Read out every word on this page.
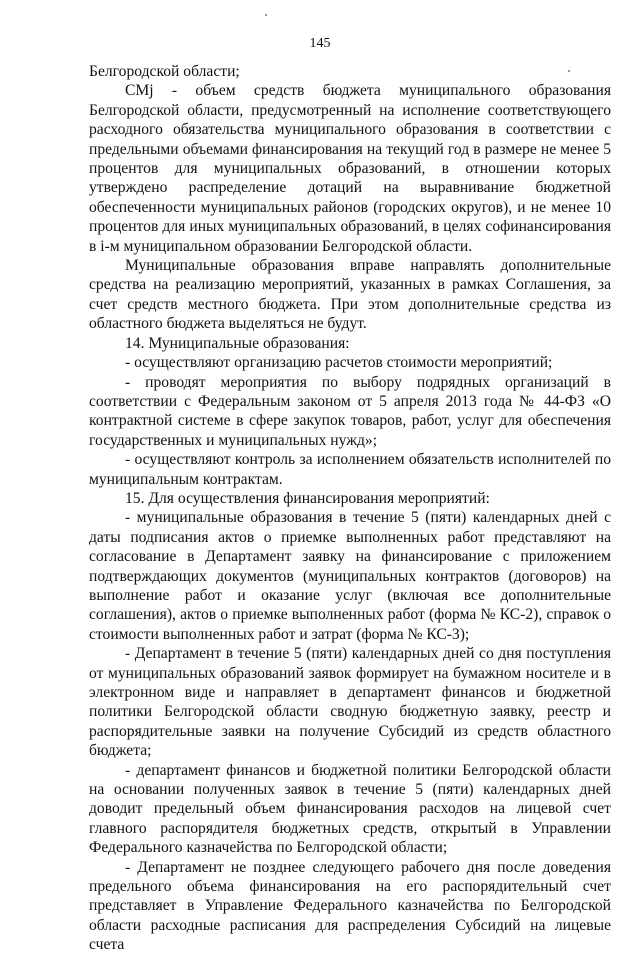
145

Белгородской области;

СМj - объем средств бюджета муниципального образования Белгородской области, предусмотренный на исполнение соответствующего расходного обязательства муниципального образования в соответствии с предельными объемами финансирования на текущий год в размере не менее 5 процентов для муниципальных образований, в отношении которых утверждено распределение дотаций на выравнивание бюджетной обеспеченности муниципальных районов (городских округов), и не менее 10 процентов для иных муниципальных образований, в целях софинансирования в i-м муниципальном образовании Белгородской области.

Муниципальные образования вправе направлять дополнительные средства на реализацию мероприятий, указанных в рамках Соглашения, за счет средств местного бюджета. При этом дополнительные средства из областного бюджета выделяться не будут.

14. Муниципальные образования:

- осуществляют организацию расчетов стоимости мероприятий;

- проводят мероприятия по выбору подрядных организаций в соответствии с Федеральным законом от 5 апреля 2013 года № 44-ФЗ «О контрактной системе в сфере закупок товаров, работ, услуг для обеспечения государственных и муниципальных нужд»;

- осуществляют контроль за исполнением обязательств исполнителей по муниципальным контрактам.

15. Для осуществления финансирования мероприятий:

- муниципальные образования в течение 5 (пяти) календарных дней с даты подписания актов о приемке выполненных работ представляют на согласование в Департамент заявку на финансирование с приложением подтверждающих документов (муниципальных контрактов (договоров) на выполнение работ и оказание услуг (включая все дополнительные соглашения), актов о приемке выполненных работ (форма № КС-2), справок о стоимости выполненных работ и затрат (форма № КС-3);

- Департамент в течение 5 (пяти) календарных дней со дня поступления от муниципальных образований заявок формирует на бумажном носителе и в электронном виде и направляет в департамент финансов и бюджетной политики Белгородской области сводную бюджетную заявку, реестр и распорядительные заявки на получение Субсидий из средств областного бюджета;

- департамент финансов и бюджетной политики Белгородской области на основании полученных заявок в течение 5 (пяти) календарных дней доводит предельный объем финансирования расходов на лицевой счет главного распорядителя бюджетных средств, открытый в Управлении Федерального казначейства по Белгородской области;

- Департамент не позднее следующего рабочего дня после доведения предельного объема финансирования на его распорядительный счет представляет в Управление Федерального казначейства по Белгородской области расходные расписания для распределения Субсидий на лицевые счета
